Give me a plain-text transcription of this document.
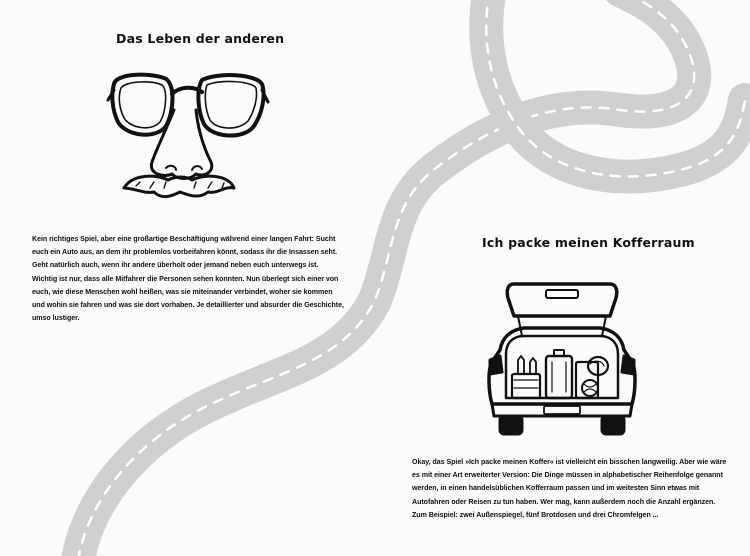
Das Leben der anderen
Ich packe meinen Kofferraum
Kein richtiges Spiel, aber eine großartige Beschäftigung während einer langen Fahrt: Sucht euch ein Auto aus, an dem ihr problemlos vorbeifahren könnt, sodass ihr die Insassen seht. Geht natürlich auch, wenn ihr andere überholt oder jemand neben euch unterwegs ist. Wichtig ist nur, dass alle Mitfahrer die Personen sehen konnten. Nun überlegt sich einer von euch, wie diese Menschen wohl heißen, was sie miteinander verbindet, woher sie kommen und wohin sie fahren und was sie dort vorhaben. Je detaillierter und absurder die Geschichte, umso lustiger.
Okay, das Spiel »Ich packe meinen Koffer« ist vielleicht ein bisschen langweilig. Aber wie wäre es mit einer Art erweiterter Version: Die Dinge müssen in alphabetischer Reihenfolge genannt werden, in einen handelsüblichen Kofferraum passen und im weitesten Sinn etwas mit Autofahren oder Reisen zu tun haben. Wer mag, kann außerdem noch die Anzahl ergänzen. Zum Beispiel: zwei Außenspiegel, fünf Brotdosen und drei Chromfelgen ...
